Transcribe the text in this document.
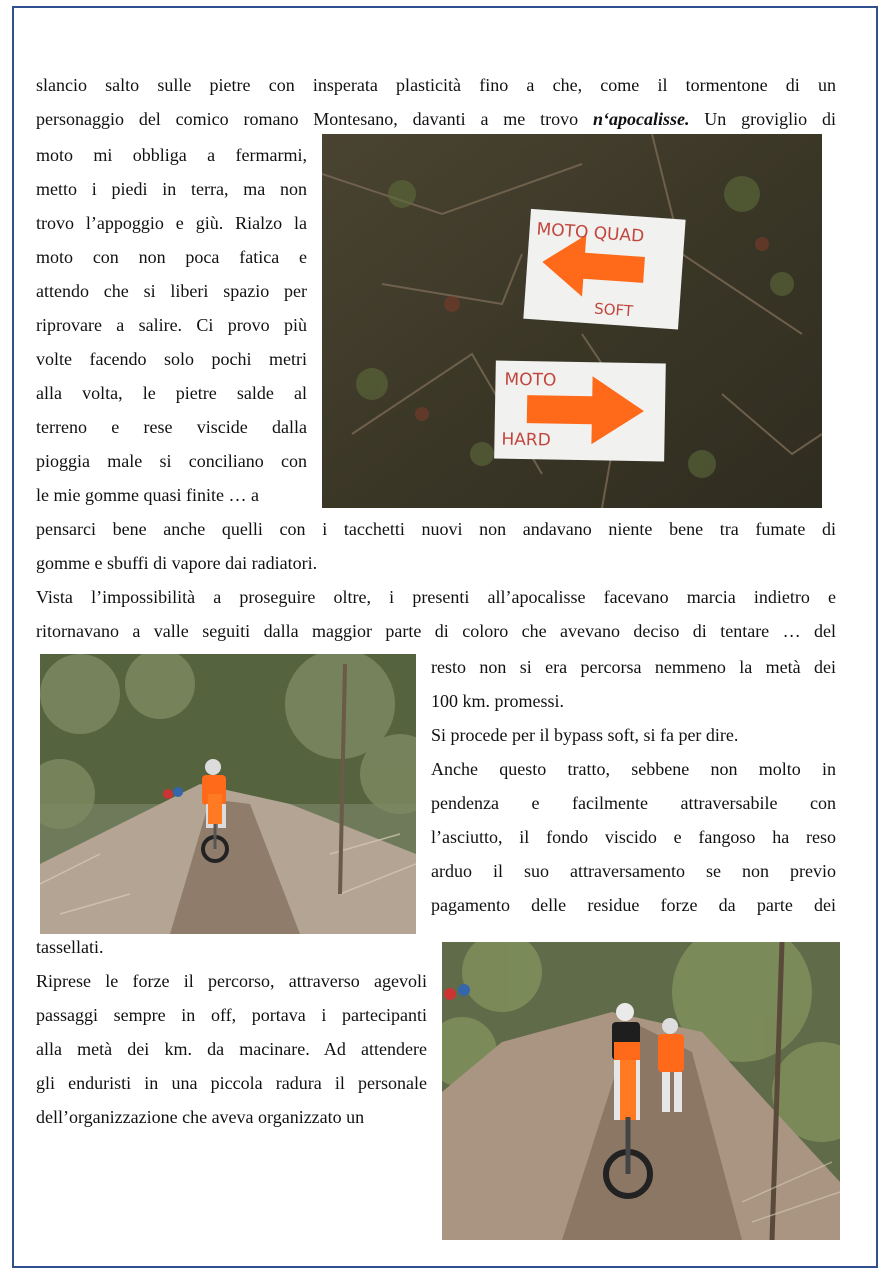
slancio salto sulle pietre con insperata plasticità fino a che, come il tormentone di un
personaggio del comico romano Montesano, davanti a me trovo n‘apocalisse. Un groviglio di
moto mi obbliga a fermarmi,
metto i piedi in terra, ma non
trovo l’appoggio e giù. Rialzo la
moto con non poca fatica e
attendo che si liberi spazio per
riprovare a salire. Ci provo più
volte facendo solo pochi metri
alla volta, le pietre salde al
terreno e rese viscide dalla
pioggia male si conciliano con
le mie gomme quasi finite … a
MOTO QUAD
SOFT
MOTO
HARD
pensarci bene anche quelli con i tacchetti nuovi non andavano niente bene tra fumate di
gomme e sbuffi di vapore dai radiatori.
Vista l’impossibilità a proseguire oltre, i presenti all’apocalisse facevano marcia indietro e
ritornavano a valle seguiti dalla maggior parte di coloro che avevano deciso di tentare … del
resto non si era percorsa nemmeno la metà dei
100 km. promessi.
Si procede per il bypass soft, si fa per dire.
Anche questo tratto, sebbene non molto in
pendenza e facilmente attraversabile con
l’asciutto, il fondo viscido e fangoso ha reso
arduo il suo attraversamento se non previo
pagamento delle residue forze da parte dei
tassellati.
Riprese le forze il percorso, attraverso agevoli
passaggi sempre in off, portava i partecipanti
alla metà dei km. da macinare. Ad attendere
gli enduristi in una piccola radura il personale
dell’organizzazione che aveva organizzato un
